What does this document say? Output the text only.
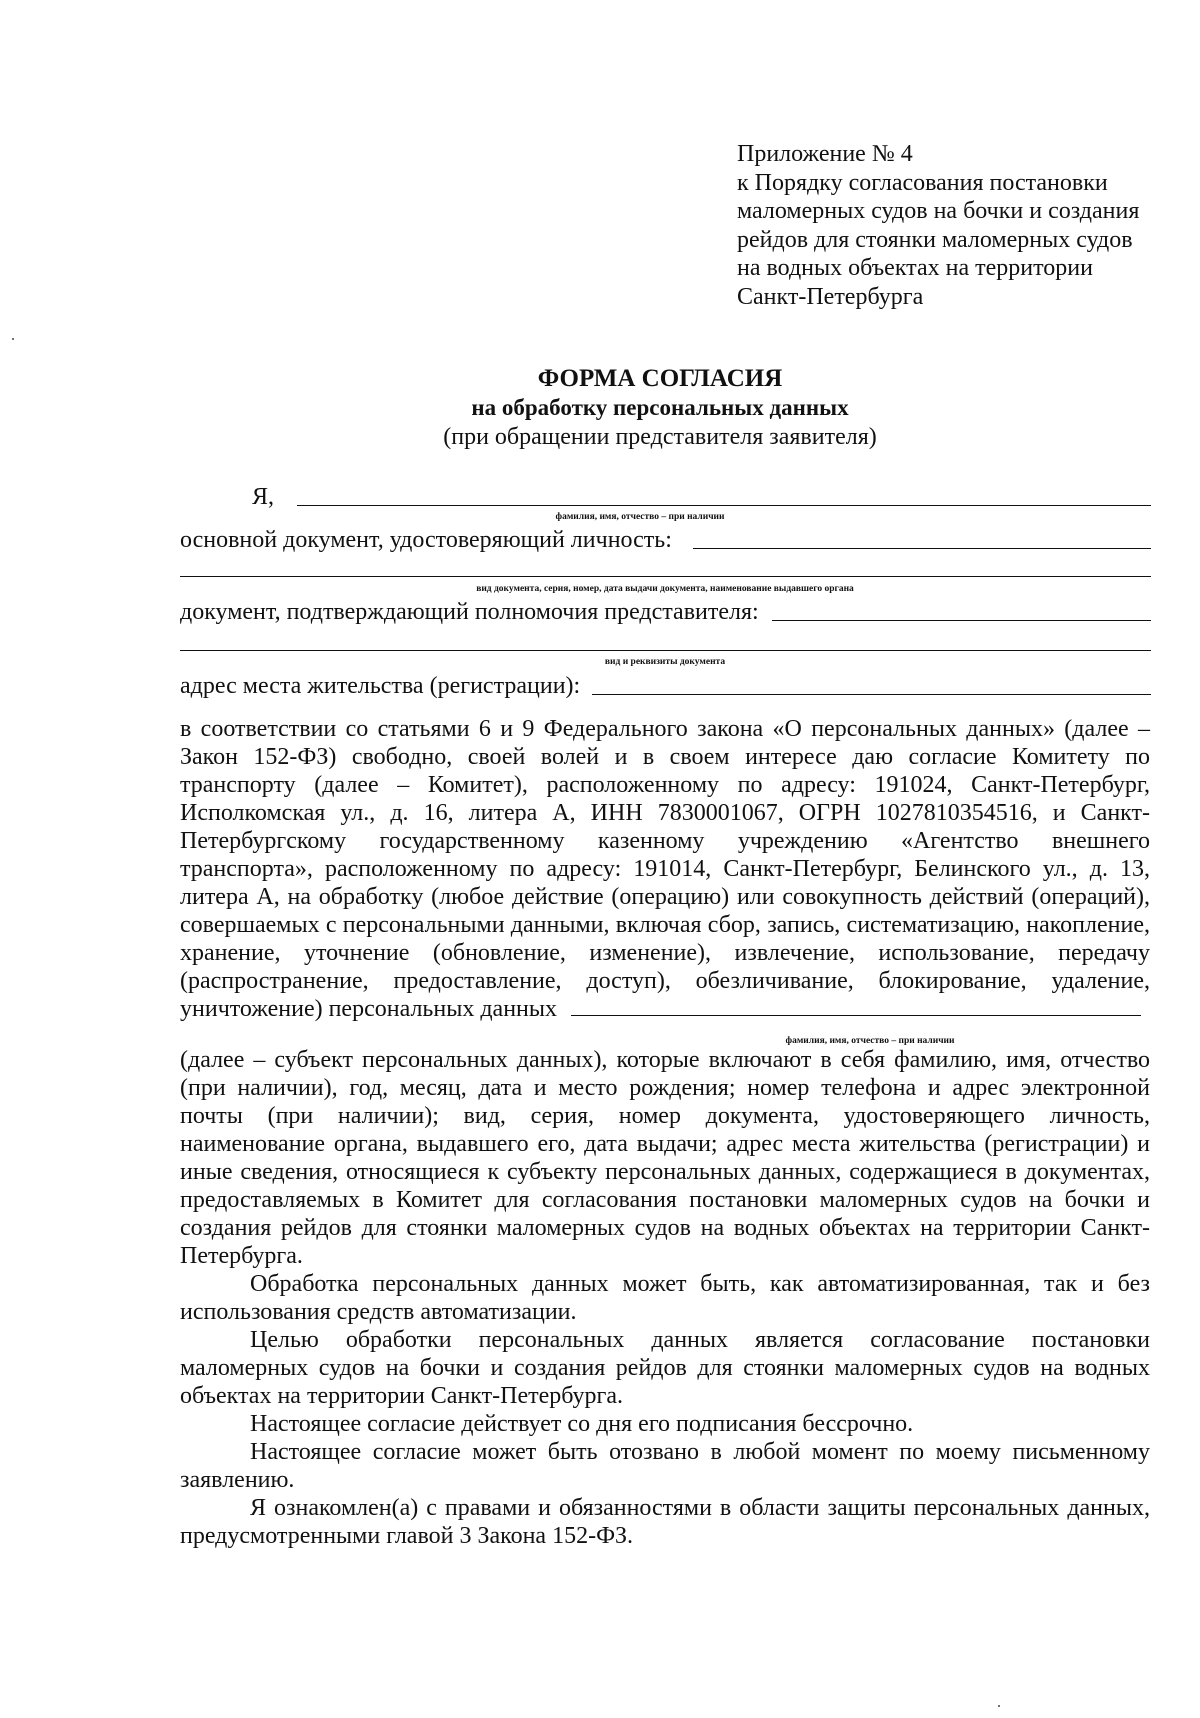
Приложение № 4
к Порядку согласования постановки
маломерных судов на бочки и создания
рейдов для стоянки маломерных судов
на водных объектах на территории
Санкт-Петербурга
ФОРМА СОГЛАСИЯ
на обработку персональных данных
(при обращении представителя заявителя)
Я,
фамилия, имя, отчество – при наличии
основной документ, удостоверяющий личность:
вид документа, серия, номер, дата выдачи документа, наименование выдавшего органа
документ, подтверждающий полномочия представителя:
вид и реквизиты документа
адрес места жительства (регистрации):

в соответствии со статьями 6 и 9 Федерального закона «О персональных данных» (далее – Закон 152-ФЗ) свободно, своей волей и в своем интересе даю согласие Комитету по транспорту (далее – Комитет), расположенному по адресу: 191024, Санкт-Петербург, Исполкомская ул., д. 16, литера А, ИНН 7830001067, ОГРН 1027810354516, и Санкт-Петербургскому государственному казенному учреждению «Агентство внешнего транспорта», расположенному по адресу: 191014, Санкт-Петербург, Белинского ул., д. 13, литера А, на обработку (любое действие (операцию) или совокупность действий (операций), совершаемых с персональными данными, включая сбор, запись, систематизацию, накопление, хранение, уточнение (обновление, изменение), извлечение, использование, передачу (распространение, предоставление, доступ), обезличивание, блокирование, удаление, уничтожение) персональных данных

фамилия, имя, отчество – при наличии

(далее – субъект персональных данных), которые включают в себя фамилию, имя, отчество (при наличии), год, месяц, дата и место рождения; номер телефона и адрес электронной почты (при наличии); вид, серия, номер документа, удостоверяющего личность, наименование органа, выдавшего его, дата выдачи; адрес места жительства (регистрации) и иные сведения, относящиеся к субъекту персональных данных, содержащиеся в документах, предоставляемых в Комитет для согласования постановки маломерных судов на бочки и создания рейдов для стоянки маломерных судов на водных объектах на территории Санкт-Петербурга.

Обработка персональных данных может быть, как автоматизированная, так и без использования средств автоматизации.

Целью обработки персональных данных является согласование постановки маломерных судов на бочки и создания рейдов для стоянки маломерных судов на водных объектах на территории Санкт-Петербурга.

Настоящее согласие действует со дня его подписания бессрочно.

Настоящее согласие может быть отозвано в любой момент по моему письменному заявлению.

Я ознакомлен(а) с правами и обязанностями в области защиты персональных данных, предусмотренными главой 3 Закона 152-ФЗ.
